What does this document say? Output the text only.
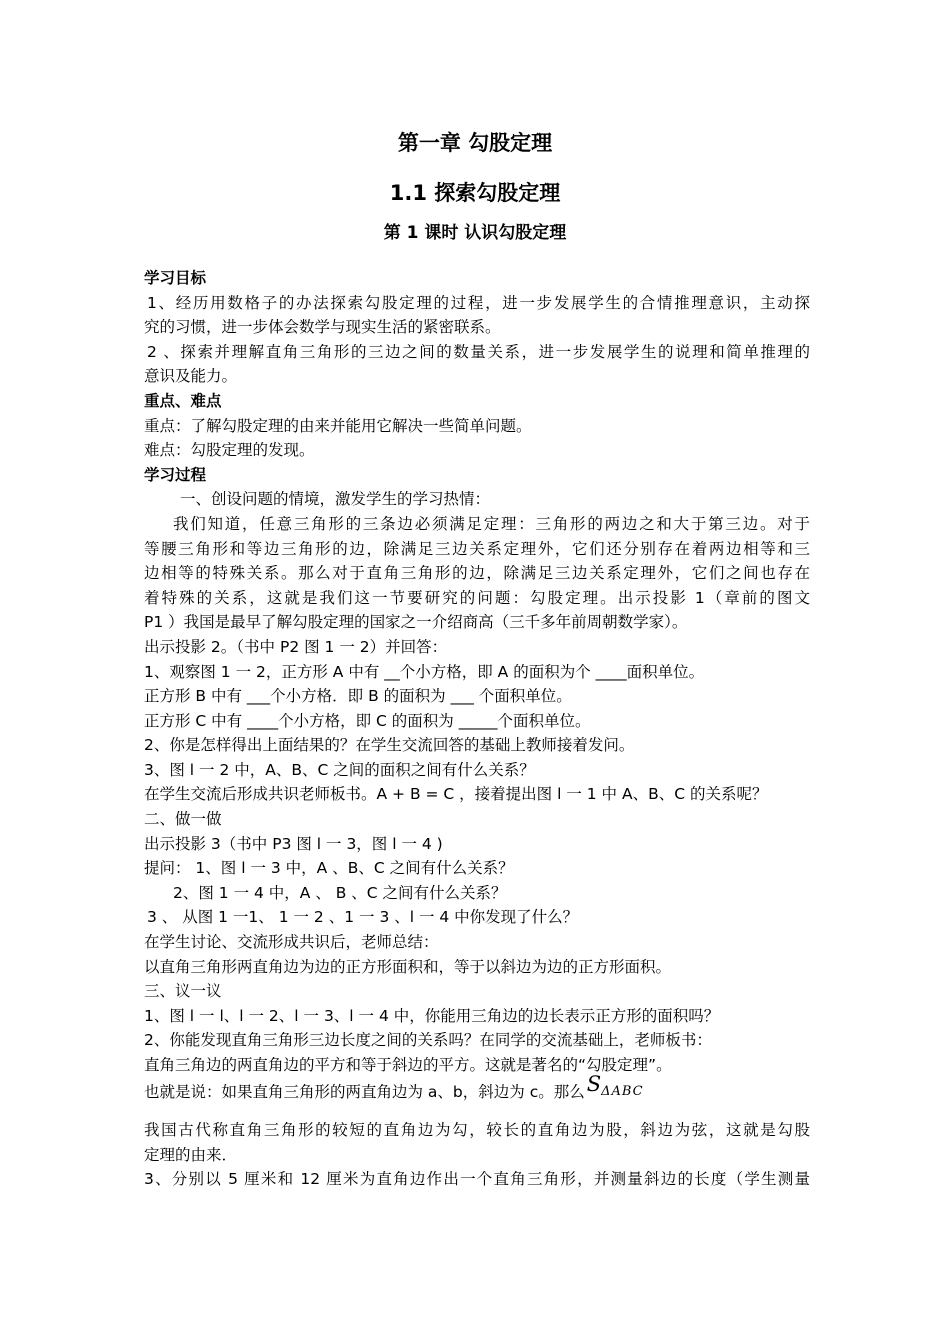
第一章 勾股定理
1.1 探索勾股定理
第 1 课时 认识勾股定理
学习目标
1、经历用数格子的办法探索勾股定理的过程，进一步发展学生的合情推理意识，主动探
究的习惯，进一步体会数学与现实生活的紧密联系。
2 、探索并理解直角三角形的三边之间的数量关系，进一步发展学生的说理和简单推理的
意识及能力。
重点、难点
重点：了解勾股定理的由来并能用它解决一些简单问题。
难点：勾股定理的发现。
学习过程
一、创设问题的情境，激发学生的学习热情：
我们知道，任意三角形的三条边必须满足定理：三角形的两边之和大于第三边。对于
等腰三角形和等边三角形的边，除满足三边关系定理外，它们还分别存在着两边相等和三
边相等的特殊关系。那么对于直角三角形的边，除满足三边关系定理外，它们之间也存在
着特殊的关系，这就是我们这一节要研究的问题：勾股定理。出示投影 1（章前的图文
P1 ）我国是最早了解勾股定理的国家之一介绍商高（三千多年前周朝数学家）。
出示投影 2。（书中 P2 图 1 一 2）并回答：
1、观察图 1 一 2，正方形 A 中有 __个小方格，即 A 的面积为个 ____面积单位。
正方形 B 中有 ___个小方格．即 B 的面积为 ___ 个面积单位。
正方形 C 中有 ____个小方格，即 C 的面积为 _____个面积单位。
2、你是怎样得出上面结果的？在学生交流回答的基础上教师接着发问。
3、图 l 一 2 中，A、B、C 之间的面积之间有什么关系？
在学生交流后形成共识老师板书。A + B = C ，接着提出图 l 一 1 中 A、B、C 的关系呢？
二、做一做
出示投影 3（书中 P3 图 l 一 3，图 l 一 4 )
提问： 1、图 l 一 3 中，A 、B、C 之间有什么关系？
2、图 1 一 4 中，A 、 B 、C 之间有什么关系？
3 、 从图 1 一1、 1 一 2 、1 一 3 、l 一 4 中你发现了什么？
在学生讨论、交流形成共识后，老师总结：
以直角三角形两直角边为边的正方形面积和，等于以斜边为边的正方形面积。
三、议一议
1、图 l 一 l、l 一 2、l 一 3、l 一 4 中，你能用三角边的边长表示正方形的面积吗？
2、你能发现直角三角形三边长度之间的关系吗？在同学的交流基础上，老师板书：
直角三角边的两直角边的平方和等于斜边的平方。这就是著名的“勾股定理”。
也就是说：如果直角三角形的两直角边为 a、b，斜边为 c。那么$S_{\Delta ABC}$
我国古代称直角三角形的较短的直角边为勾，较长的直角边为股，斜边为弦，这就是勾股
定理的由来．
3、分别以 5 厘米和 12 厘米为直角边作出一个直角三角形，并测量斜边的长度（学生测量
